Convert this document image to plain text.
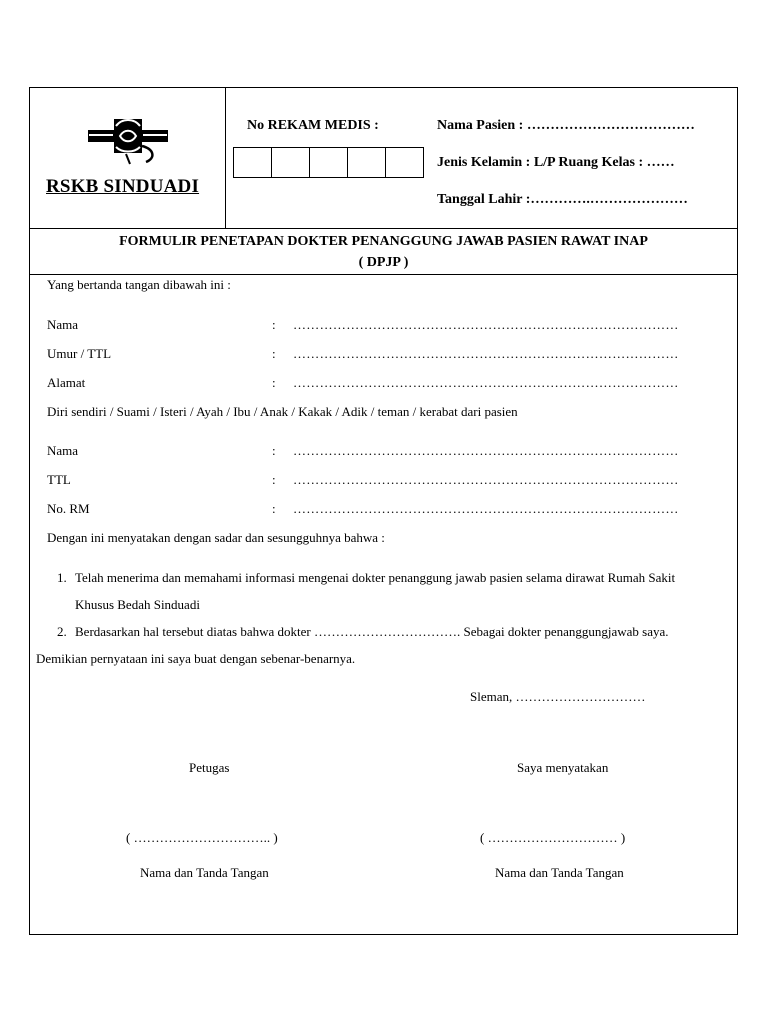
RSKB SINDUADI
No REKAM MEDIS :	Nama Pasien : ………………………………
Jenis Kelamin : L/P Ruang Kelas : ……
Tanggal Lahir :………….…………………
FORMULIR PENETAPAN DOKTER PENANGGUNG JAWAB PASIEN RAWAT INAP
( DPJP )
Yang bertanda tangan dibawah ini :
Nama	: ……………………………………………………………………………
Umur / TTL	: ……………………………………………………………………………
Alamat	: ……………………………………………………………………………
Diri sendiri / Suami / Isteri / Ayah / Ibu / Anak / Kakak / Adik / teman / kerabat dari pasien
Nama	: ……………………………………………………………………………
TTL	: ……………………………………………………………………………
No. RM	: ……………………………………………………………………………
Dengan ini menyatakan dengan sadar dan sesungguhnya bahwa :
1. Telah menerima dan memahami informasi mengenai dokter penanggung jawab pasien selama dirawat Rumah Sakit
Khusus Bedah Sinduadi
2. Berdasarkan hal tersebut diatas bahwa dokter ……………………………. Sebagai dokter penanggungjawab saya.
Demikian pernyataan ini saya buat dengan sebenar-benarnya.
Sleman, …………………………
Petugas	Saya menyatakan
( ………………………….. )	( ………………………… )
Nama dan Tanda Tangan	Nama dan Tanda Tangan
